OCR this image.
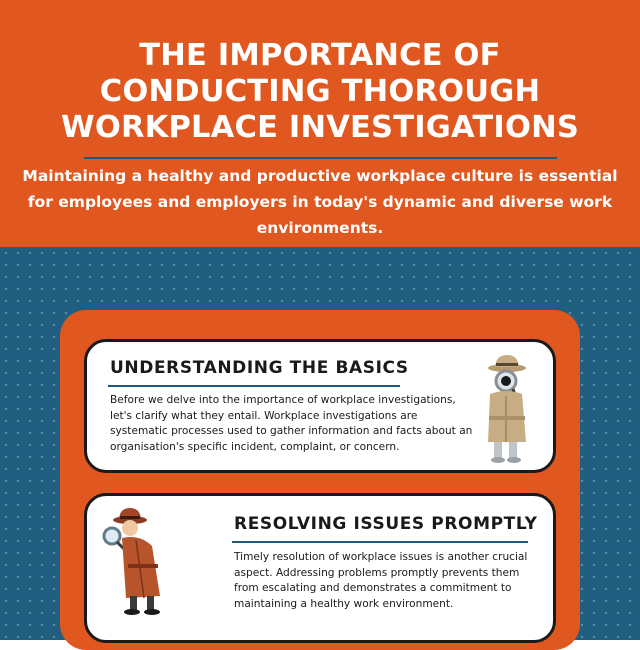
THE IMPORTANCE OF CONDUCTING THOROUGH WORKPLACE INVESTIGATIONS
Maintaining a healthy and productive workplace culture is essential for employees and employers in today's dynamic and diverse work environments.
UNDERSTANDING THE BASICS
Before we delve into the importance of workplace investigations, let's clarify what they entail. Workplace investigations are systematic processes used to gather information and facts about an organisation's specific incident, complaint, or concern.
RESOLVING ISSUES PROMPTLY
Timely resolution of workplace issues is another crucial aspect. Addressing problems promptly prevents them from escalating and demonstrates a commitment to maintaining a healthy work environment.
